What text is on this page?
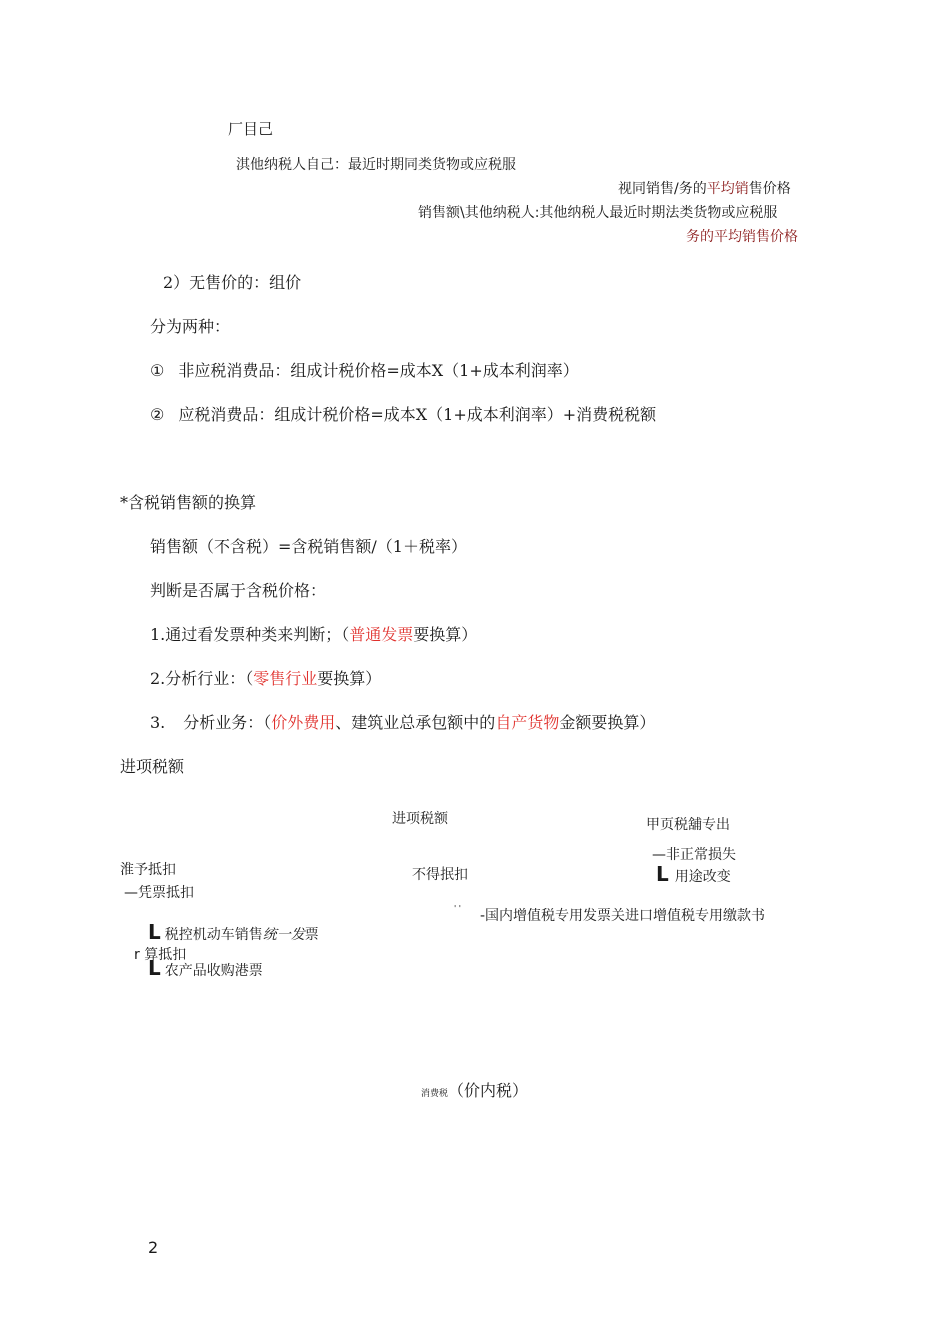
厂目己
淇他纳税人自己：最近时期同类货物或应税服
视同销售/务的平均销售价格
销售额\其他纳税人:其他纳税人最近时期法类货物或应税服
务的平均销售价格
2）无售价的：组价
分为两种：
① 非应税消费品：组成计税价格=成本X（1+成本利润率）
② 应税消费品：组成计税价格=成本X（1+成本利润率）+消费税税额
*含税销售额的换算
销售额（不含税）=含税销售额/（1＋税率）
判断是否属于含税价格：
1.通过看发票种类来判断；（普通发票要换算）
2.分析行业：（零售行业要换算）
3. 分析业务：（价外费用、建筑业总承包额中的自产货物金额要换算）
进项税额
进项税额	甲页税舖专出
—非正常损失
L 用途改变
淮予抵扣	不得抿扣
—凭票抵扣
' ' -国内增值税专用发票关进口增值税专用缴款书
L 税控机动车销售统一发票
r 算抵扣
L 农产品收购港票
消费税（价内税）
2
